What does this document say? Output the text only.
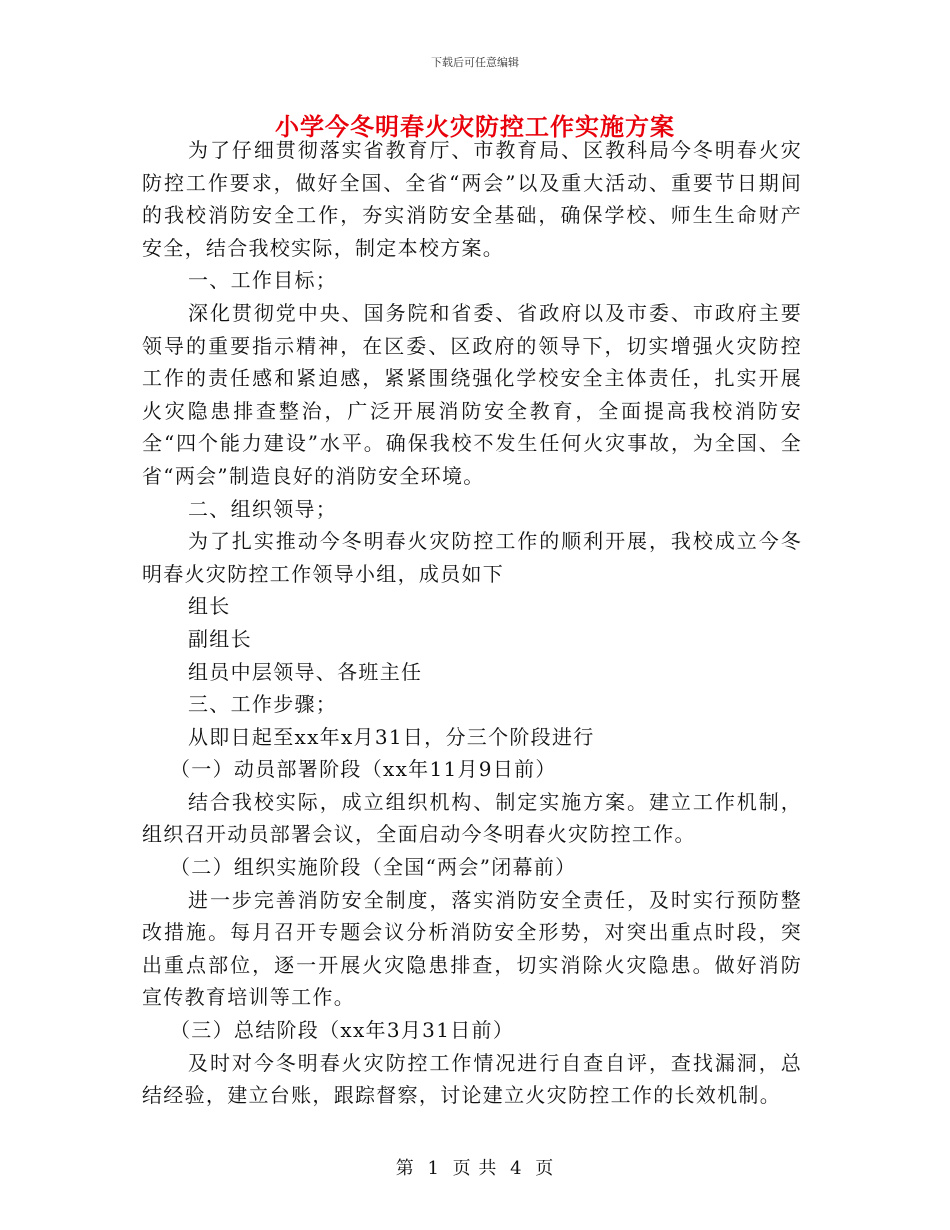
下载后可任意编辑
小学今冬明春火灾防控工作实施方案

为了仔细贯彻落实省教育厅、市教育局、区教科局今冬明春火灾防控工作要求，做好全国、全省“两会”以及重大活动、重要节日期间的我校消防安全工作，夯实消防安全基础，确保学校、师生生命财产安全，结合我校实际，制定本校方案。

一、工作目标；

深化贯彻党中央、国务院和省委、省政府以及市委、市政府主要领导的重要指示精神，在区委、区政府的领导下，切实增强火灾防控工作的责任感和紧迫感，紧紧围绕强化学校安全主体责任，扎实开展火灾隐患排查整治，广泛开展消防安全教育，全面提高我校消防安全“四个能力建设”水平。确保我校不发生任何火灾事故，为全国、全省“两会”制造良好的消防安全环境。

二、组织领导；

为了扎实推动今冬明春火灾防控工作的顺利开展，我校成立今冬明春火灾防控工作领导小组，成员如下

组长

副组长

组员中层领导、各班主任

三、工作步骤；

从即日起至xx年x月31日，分三个阶段进行

（一）动员部署阶段（xx年11月9日前）

结合我校实际，成立组织机构、制定实施方案。建立工作机制，组织召开动员部署会议，全面启动今冬明春火灾防控工作。

（二）组织实施阶段（全国“两会”闭幕前）

进一步完善消防安全制度，落实消防安全责任，及时实行预防整改措施。每月召开专题会议分析消防安全形势，对突出重点时段，突出重点部位，逐一开展火灾隐患排查，切实消除火灾隐患。做好消防宣传教育培训等工作。

（三）总结阶段（xx年3月31日前）

及时对今冬明春火灾防控工作情况进行自查自评，查找漏洞，总结经验，建立台账，跟踪督察，讨论建立火灾防控工作的长效机制。

第 1 页 共 4 页
